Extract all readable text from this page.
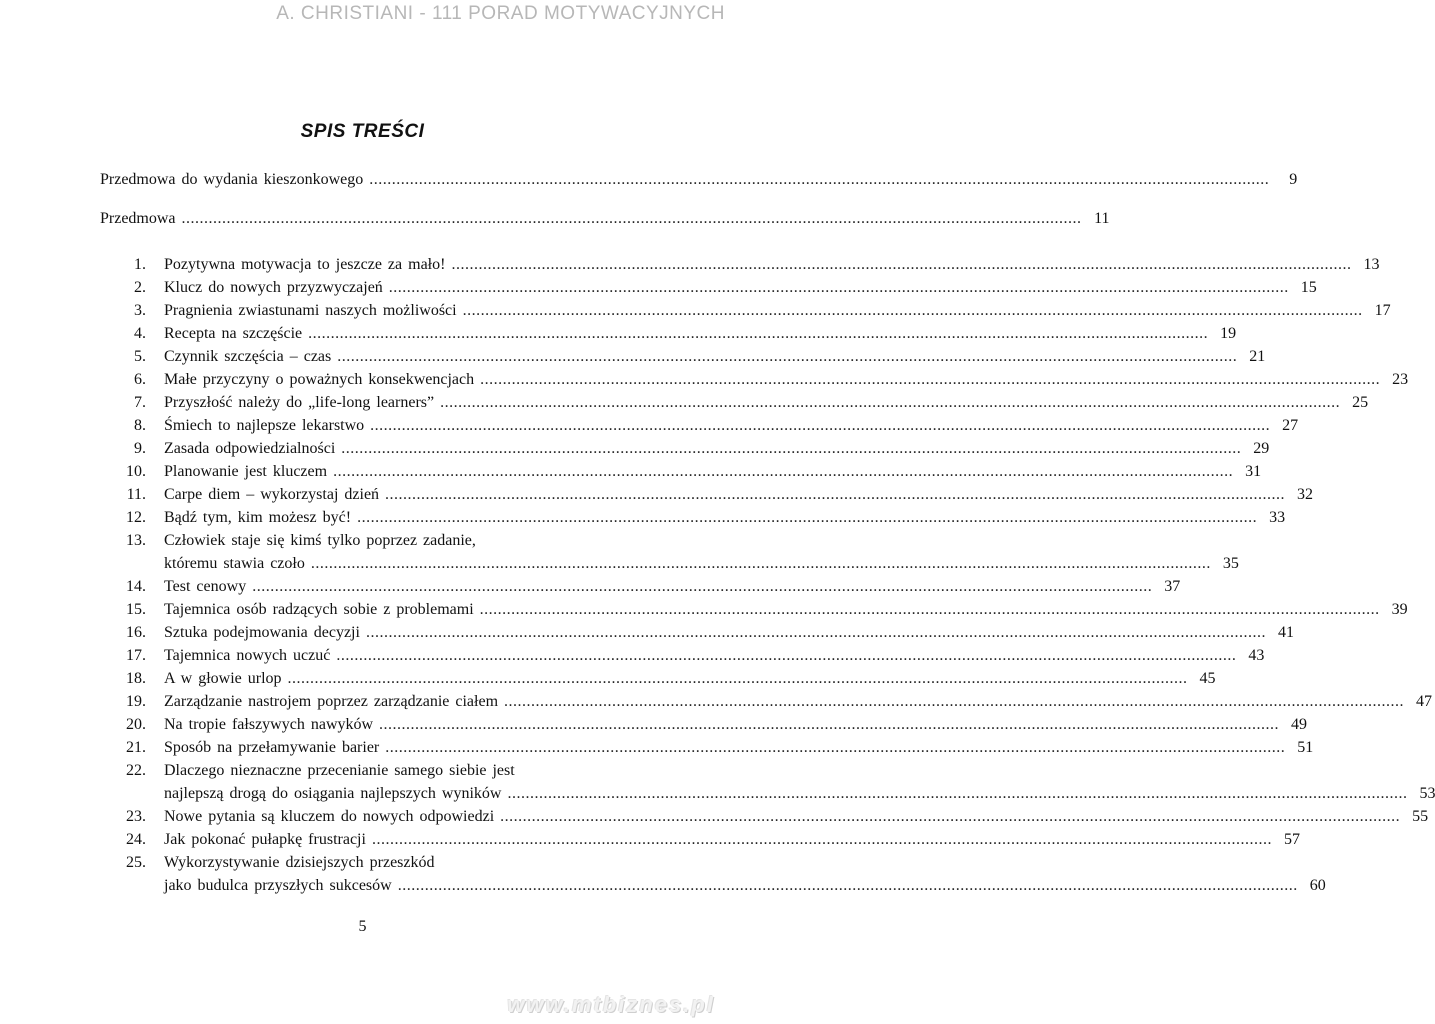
A. CHRISTIANI - 111 PORAD MOTYWACYJNYCH
SPIS TREŚCI
Przedmowa do wydania kieszonkowego ........................................................................................................................................................................................................	9
Przedmowa ........................................................................................................................................................................................................ 11
1. Pozytywna motywacja to jeszcze za mało! ........................................................................................................................................................................................................ 13
2. Klucz do nowych przyzwyczajeń ........................................................................................................................................................................................................ 15
3. Pragnienia zwiastunami naszych możliwości ........................................................................................................................................................................................................ 17
4. Recepta na szczęście ........................................................................................................................................................................................................ 19
5. Czynnik szczęścia – czas ........................................................................................................................................................................................................ 21
6. Małe przyczyny o poważnych konsekwencjach ........................................................................................................................................................................................................ 23
7. Przyszłość należy do „life-long learners” ........................................................................................................................................................................................................ 25
8. Śmiech to najlepsze lekarstwo ........................................................................................................................................................................................................ 27
9. Zasada odpowiedzialności ........................................................................................................................................................................................................ 29
10. Planowanie jest kluczem ........................................................................................................................................................................................................ 31
11. Carpe diem – wykorzystaj dzień ........................................................................................................................................................................................................ 32
12. Bądź tym, kim możesz być! ........................................................................................................................................................................................................ 33
13. Człowiek staje się kimś tylko poprzez zadanie,
któremu stawia czoło ........................................................................................................................................................................................................ 35
14. Test cenowy ........................................................................................................................................................................................................ 37
15. Tajemnica osób radzących sobie z problemami ........................................................................................................................................................................................................ 39
16. Sztuka podejmowania decyzji ........................................................................................................................................................................................................ 41
17. Tajemnica nowych uczuć ........................................................................................................................................................................................................ 43
18. A w głowie urlop ........................................................................................................................................................................................................ 45
19. Zarządzanie nastrojem poprzez zarządzanie ciałem ........................................................................................................................................................................................................ 47
20. Na tropie fałszywych nawyków ........................................................................................................................................................................................................ 49
21. Sposób na przełamywanie barier ........................................................................................................................................................................................................ 51
22. Dlaczego nieznaczne przecenianie samego siebie jest
najlepszą drogą do osiągania najlepszych wyników ........................................................................................................................................................................................................ 53
23. Nowe pytania są kluczem do nowych odpowiedzi ........................................................................................................................................................................................................ 55
24. Jak pokonać pułapkę frustracji ........................................................................................................................................................................................................ 57
25. Wykorzystywanie dzisiejszych przeszkód
jako budulca przyszłych sukcesów ........................................................................................................................................................................................................ 60
5
www.mtbiznes.pl
